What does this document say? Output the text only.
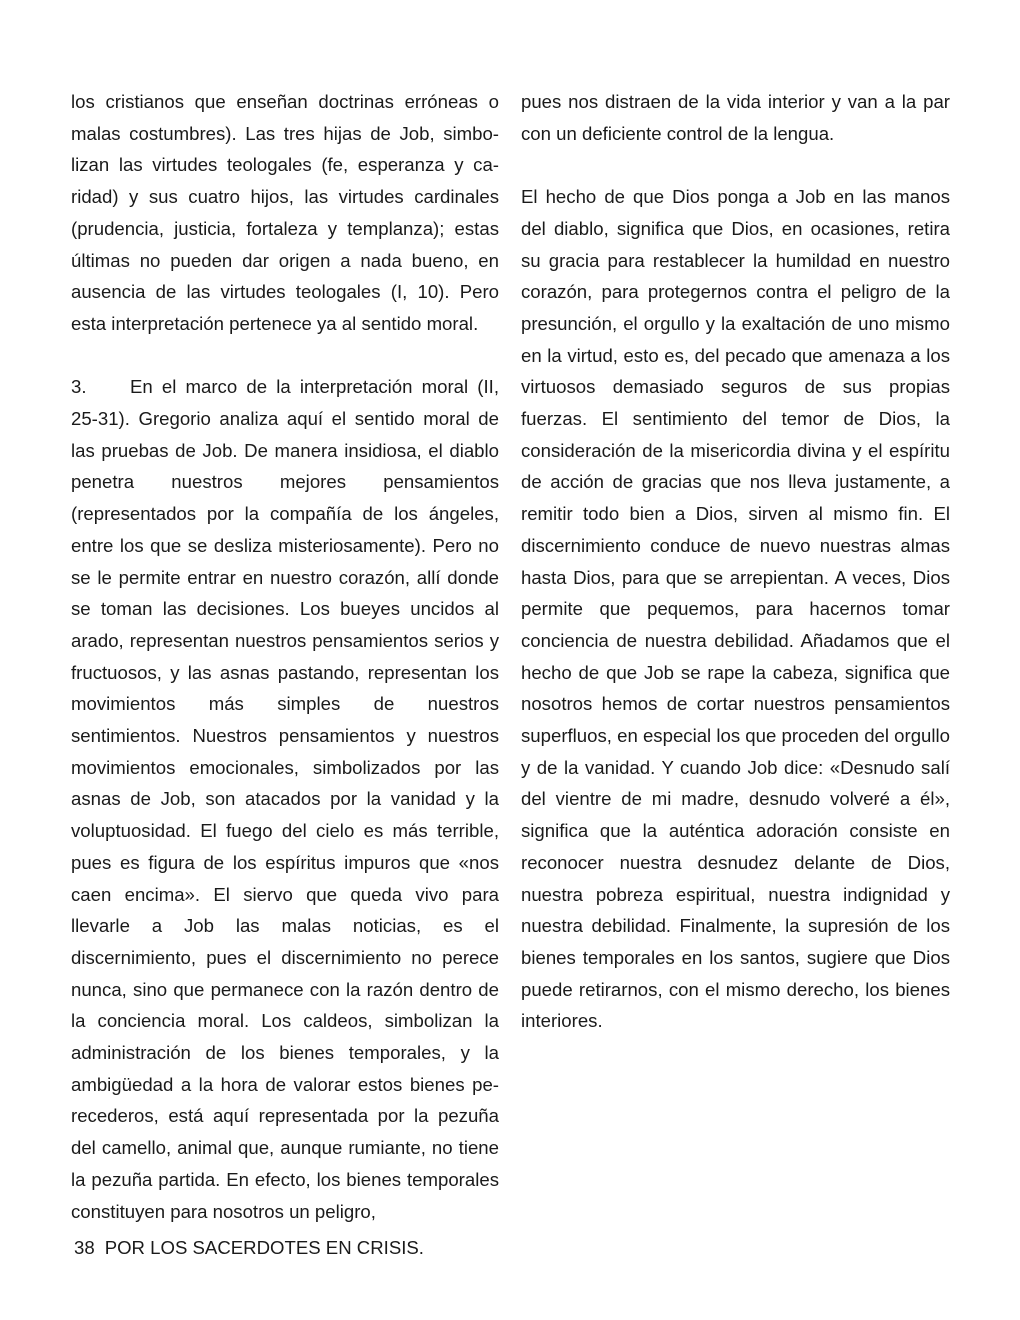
los cristianos que enseñan doctrinas erróneas o malas costumbres). Las tres hijas de Job, simbolizan las virtudes teologales (fe, esperanza y caridad) y sus cuatro hijos, las virtudes cardinales (prudencia, justicia, fortaleza y templanza); estas últimas no pueden dar origen a nada bueno, en ausencia de las virtudes teologales (I, 10). Pero esta interpretación pertenece ya al sentido moral.

3. En el marco de la interpretación moral (II, 25-31). Gregorio analiza aquí el sentido moral de las pruebas de Job. De manera insidiosa, el diablo penetra nuestros mejores pensamientos (representados por la compañía de los ángeles, entre los que se desliza misteriosamente). Pero no se le permite entrar en nuestro corazón, allí donde se toman las decisiones. Los bueyes uncidos al arado, representan nuestros pensamientos serios y fructuosos, y las asnas pastando, representan los movimientos más simples de nuestros sentimientos. Nuestros pensamientos y nuestros movimientos emocionales, simbolizados por las asnas de Job, son atacados por la vanidad y la voluptuosidad. El fuego del cielo es más terrible, pues es figura de los espíritus impuros que «nos caen encima». El siervo que queda vivo para llevarle a Job las malas noticias, es el discernimiento, pues el discernimiento no perece nunca, sino que permanece con la razón dentro de la conciencia moral. Los caldeos, simbolizan la administración de los bienes temporales, y la ambigüedad a la hora de valorar estos bienes perecederos, está aquí representada por la pezuña del camello, animal que, aunque rumiante, no tiene la pezuña partida. En efecto, los bienes temporales constituyen para nosotros un peligro,

pues nos distraen de la vida interior y van a la par con un deficiente control de la lengua.

El hecho de que Dios ponga a Job en las manos del diablo, significa que Dios, en ocasiones, retira su gracia para restablecer la humildad en nuestro corazón, para protegernos contra el peligro de la presunción, el orgullo y la exaltación de uno mismo en la virtud, esto es, del pecado que amenaza a los virtuosos demasiado seguros de sus propias fuerzas. El sentimiento del temor de Dios, la consideración de la misericordia divina y el espíritu de acción de gracias que nos lleva justamente, a remitir todo bien a Dios, sirven al mismo fin. El discernimiento conduce de nuevo nuestras almas hasta Dios, para que se arrepientan. A veces, Dios permite que pequemos, para hacernos tomar conciencia de nuestra debilidad. Añadamos que el hecho de que Job se rape la cabeza, significa que nosotros hemos de cortar nuestros pensamientos superfluos, en especial los que proceden del orgullo y de la vanidad. Y cuando Job dice: «Desnudo salí del vientre de mi madre, desnudo volveré a él», significa que la auténtica adoración consiste en reconocer nuestra desnudez delante de Dios, nuestra pobreza espiritual, nuestra indignidad y nuestra debilidad. Finalmente, la supresión de los bienes temporales en los santos, sugiere que Dios puede retirarnos, con el mismo derecho, los bienes interiores.

38 POR LOS SACERDOTES EN CRISIS.
